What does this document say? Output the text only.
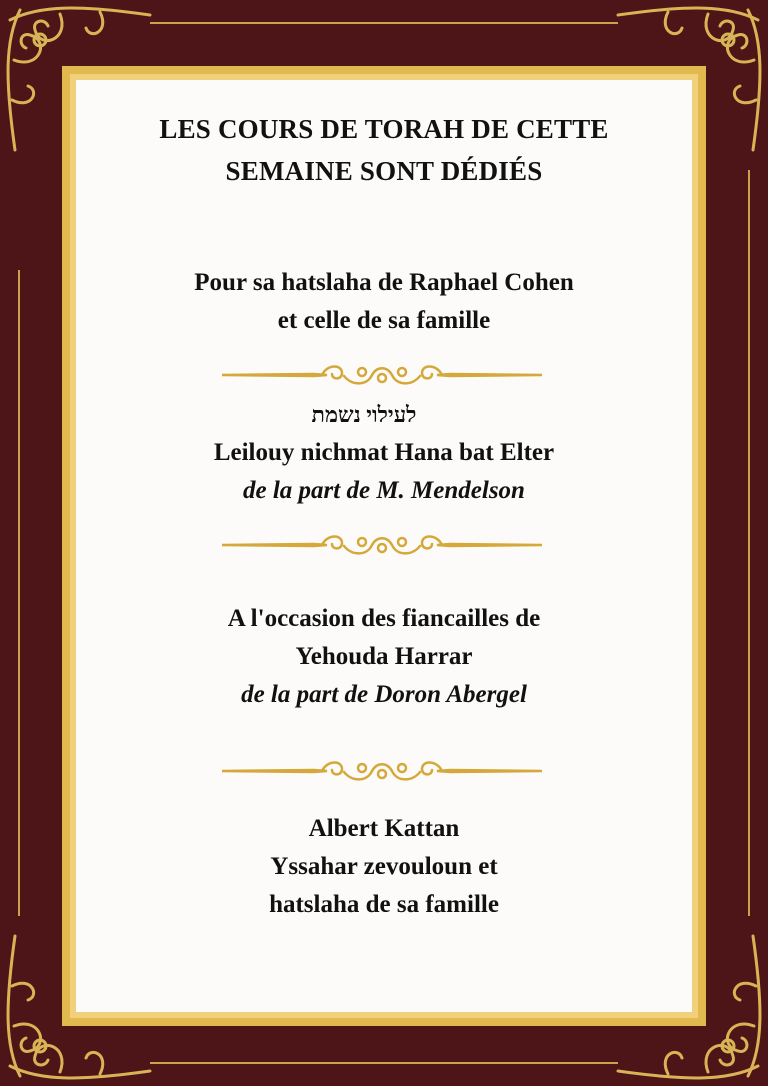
LES COURS DE TORAH DE CETTE
SEMAINE SONT DÉDIÉS
Pour sa hatslaha de Raphael Cohen
et celle de sa famille
לעילוי נשמת
Leilouy nichmat Hana bat Elter
de la part de M. Mendelson
A l'occasion des fiancailles de
Yehouda Harrar
de la part de Doron Abergel
Albert Kattan
Yssahar zevouloun et
hatslaha de sa famille
